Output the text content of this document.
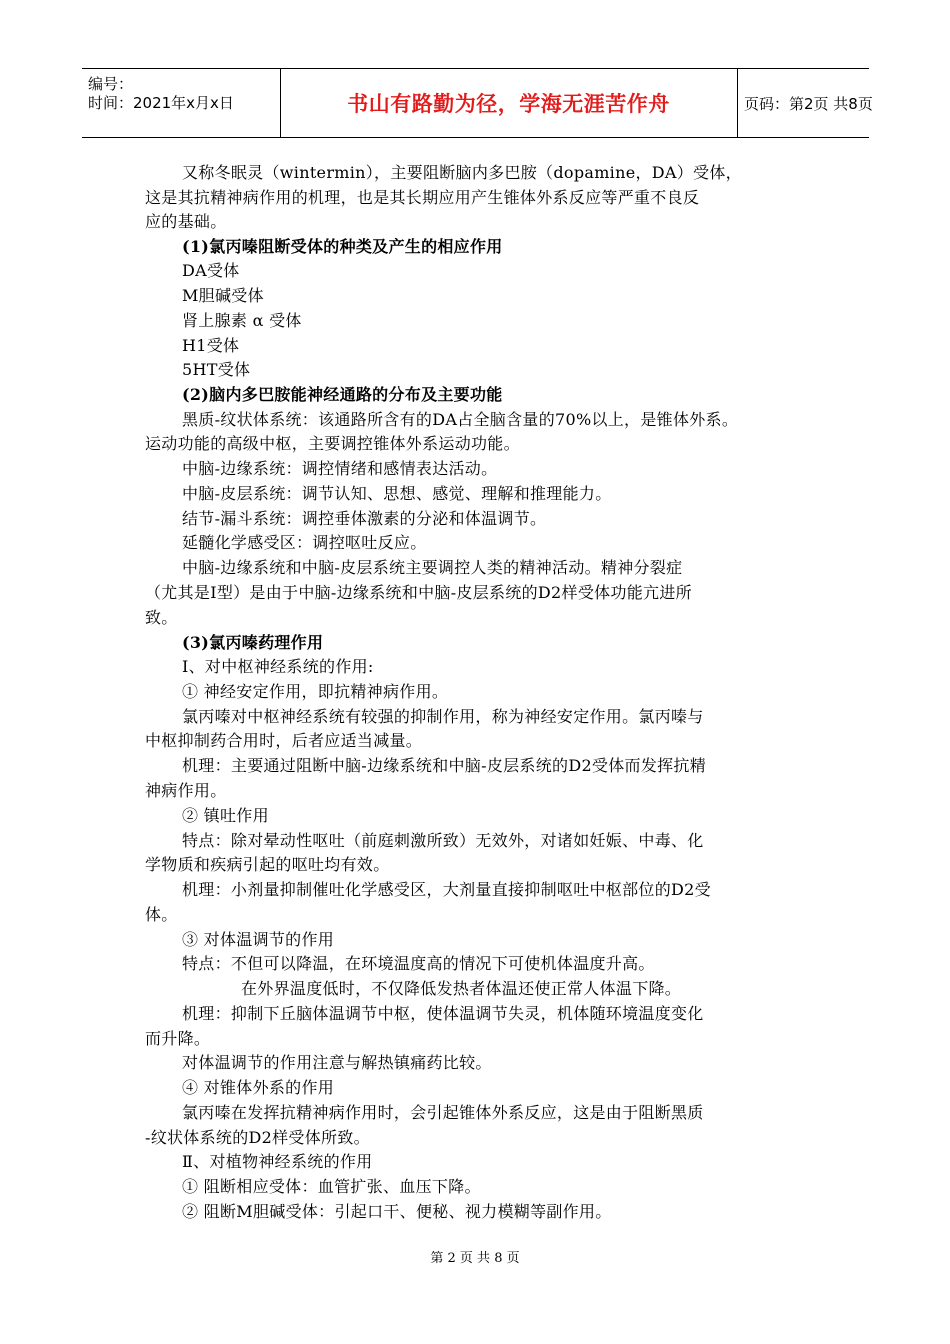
编号：
时间：2021年x月x日	书山有路勤为径，学海无涯苦作舟	页码：第2页 共8页
又称冬眠灵（wintermin），主要阻断脑内多巴胺（dopamine，DA）受体，
这是其抗精神病作用的机理，也是其长期应用产生锥体外系反应等严重不良反
应的基础。
(1)氯丙嗪阻断受体的种类及产生的相应作用
DA受体
M胆碱受体
肾上腺素 α 受体
H1受体
5HT受体
(2)脑内多巴胺能神经通路的分布及主要功能
黑质-纹状体系统：该通路所含有的DA占全脑含量的70%以上，是锥体外系。
运动功能的高级中枢，主要调控锥体外系运动功能。
中脑-边缘系统：调控情绪和感情表达活动。
中脑-皮层系统：调节认知、思想、感觉、理解和推理能力。
结节-漏斗系统：调控垂体激素的分泌和体温调节。
延髓化学感受区：调控呕吐反应。
中脑-边缘系统和中脑-皮层系统主要调控人类的精神活动。精神分裂症
（尤其是Ⅰ型）是由于中脑-边缘系统和中脑-皮层系统的D2样受体功能亢进所
致。
(3)氯丙嗪药理作用
Ⅰ、对中枢神经系统的作用:
① 神经安定作用，即抗精神病作用。
氯丙嗪对中枢神经系统有较强的抑制作用，称为神经安定作用。氯丙嗪与
中枢抑制药合用时，后者应适当减量。
机理：主要通过阻断中脑-边缘系统和中脑-皮层系统的D2受体而发挥抗精
神病作用。
② 镇吐作用
特点：除对晕动性呕吐（前庭刺激所致）无效外，对诸如妊娠、中毒、化
学物质和疾病引起的呕吐均有效。
机理：小剂量抑制催吐化学感受区，大剂量直接抑制呕吐中枢部位的D2受
体。
③ 对体温调节的作用
特点：不但可以降温，在环境温度高的情况下可使机体温度升高。
在外界温度低时，不仅降低发热者体温还使正常人体温下降。
机理：抑制下丘脑体温调节中枢，使体温调节失灵，机体随环境温度变化
而升降。
对体温调节的作用注意与解热镇痛药比较。
④ 对锥体外系的作用
氯丙嗪在发挥抗精神病作用时，会引起锥体外系反应，这是由于阻断黑质
-纹状体系统的D2样受体所致。
Ⅱ、对植物神经系统的作用
① 阻断相应受体：血管扩张、血压下降。
② 阻断M胆碱受体：引起口干、便秘、视力模糊等副作用。
第 2 页 共 8 页
